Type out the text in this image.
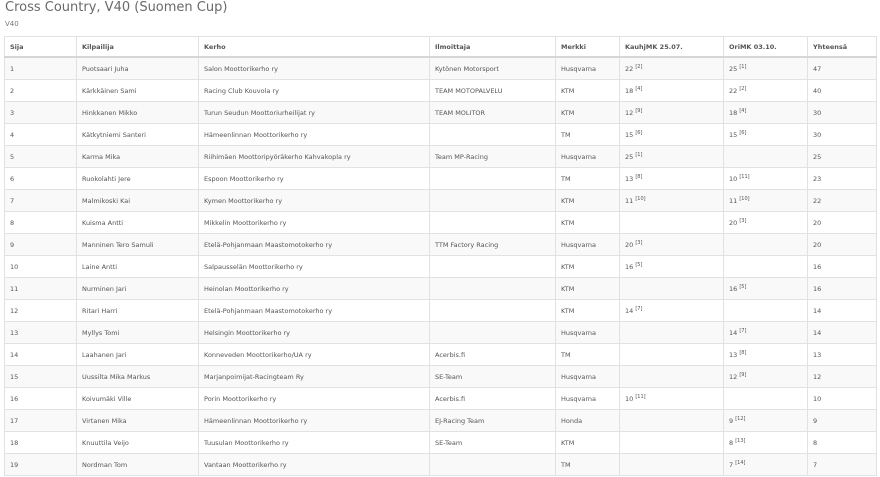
Cross Country, V40 (Suomen Cup)
V40
Sija	Kilpailija	Kerho	Ilmoittaja	Merkki	KauhjMK 25.07.	OriMK 03.10.	Yhteensä
1	Puotsaari Juha	Salon Moottorikerho ry	Kytönen Motorsport	Husqvarna	22 [2]	25 [1]	47
2	Kärkkäinen Sami	Racing Club Kouvola ry	TEAM MOTOPALVELU	KTM	18 [4]	22 [2]	40
3	Hinkkanen Mikko	Turun Seudun Moottoriurheilijat ry	TEAM MOLITOR	KTM	12 [9]	18 [4]	30
4	Kätkytniemi Santeri	Hämeenlinnan Moottorikerho ry		TM	15 [6]	15 [6]	30
5	Karma Mika	Riihimäen Moottoripyöräkerho Kahvakopla ry	Team MP-Racing	Husqvarna	25 [1]		25
6	Ruokolahti Jere	Espoon Moottorikerho ry		TM	13 [8]	10 [11]	23
7	Malmikoski Kai	Kymen Moottorikerho ry		KTM	11 [10]	11 [10]	22
8	Kuisma Antti	Mikkelin Moottorikerho ry		KTM		20 [3]	20
9	Manninen Tero Samuli	Etelä-Pohjanmaan Maastomotokerho ry	TTM Factory Racing	Husqvarna	20 [3]		20
10	Laine Antti	Salpausselän Moottorikerho ry		KTM	16 [5]		16
11	Nurminen Jari	Heinolan Moottorikerho ry		KTM		16 [5]	16
12	Ritari Harri	Etelä-Pohjanmaan Maastomotokerho ry		KTM	14 [7]		14
13	Myllys Tomi	Helsingin Moottorikerho ry		Husqvarna		14 [7]	14
14	Laahanen Jari	Konneveden Moottorikerho/UA ry	Acerbis.fi	TM		13 [8]	13
15	Uussilta Mika Markus	Marjanpoimijat-Racingteam Ry	SE-Team	Husqvarna		12 [9]	12
16	Koivumäki Ville	Porin Moottorikerho ry	Acerbis.fi	Husqvarna	10 [11]		10
17	Virtanen Mika	Hämeenlinnan Moottorikerho ry	EJ-Racing Team	Honda		9 [12]	9
18	Knuuttila Veijo	Tuusulan Moottorikerho ry	SE-Team	KTM		8 [13]	8
19	Nordman Tom	Vantaan Moottorikerho ry		TM		7 [14]	7
